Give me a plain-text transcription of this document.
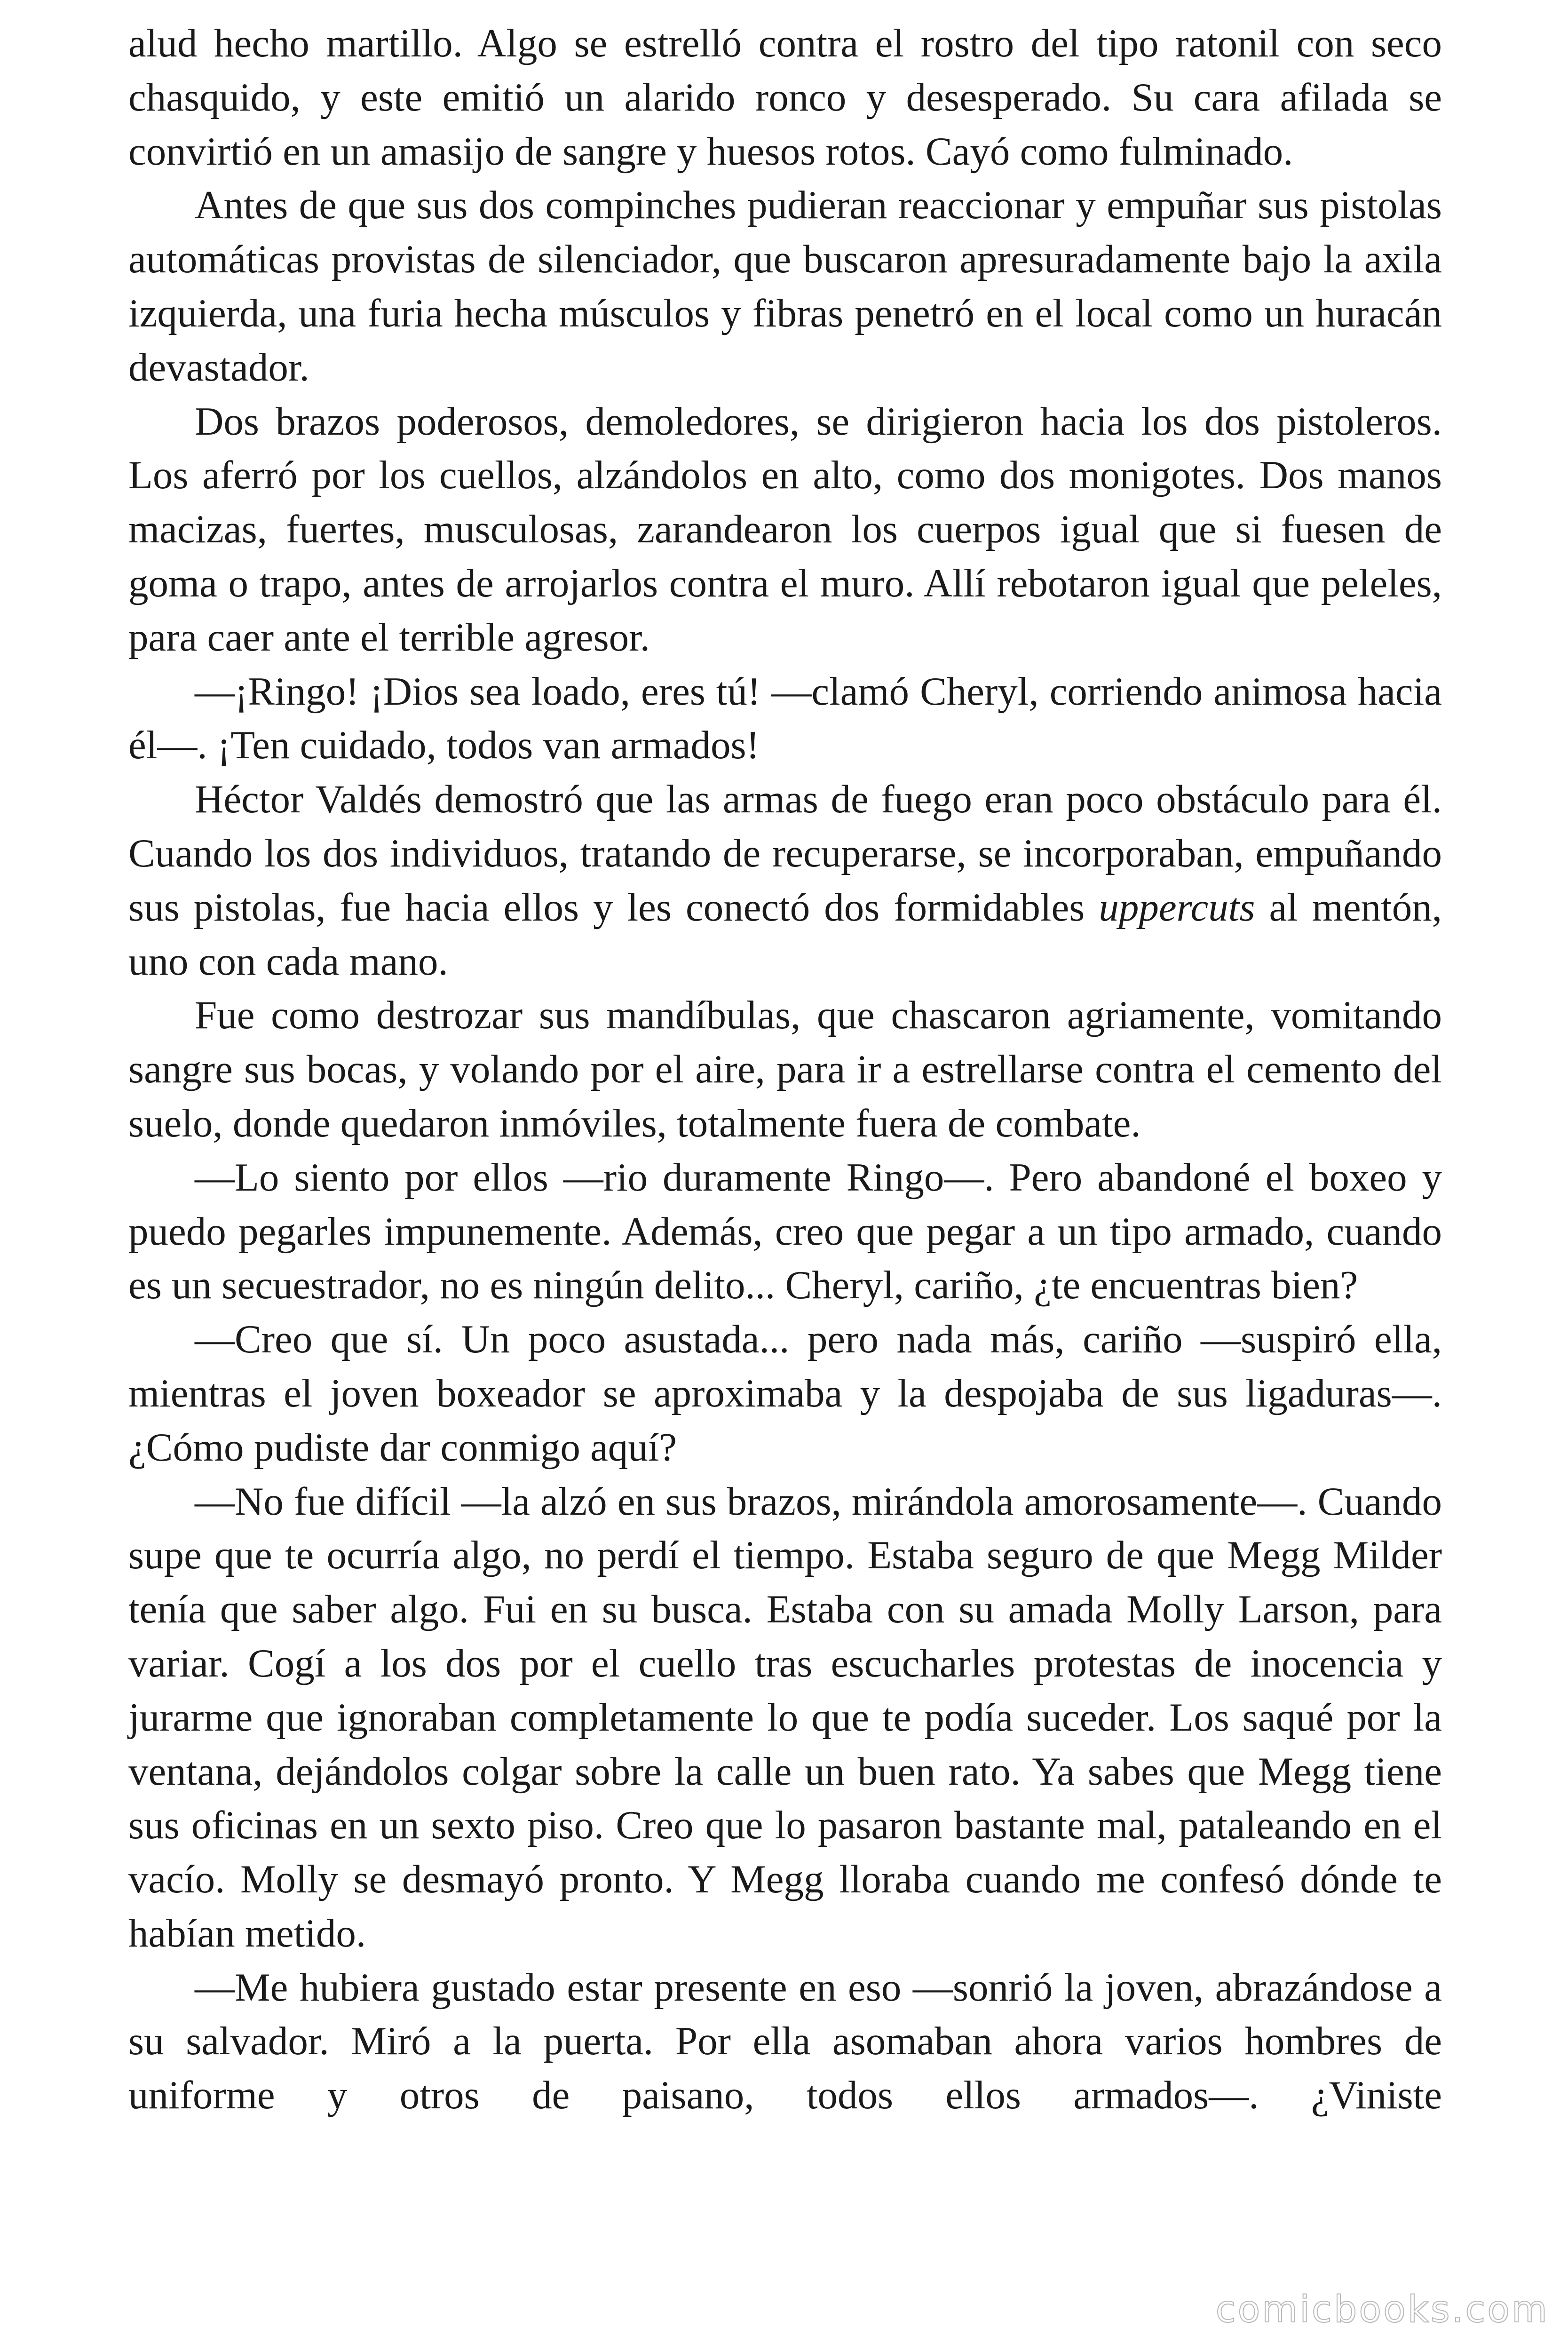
alud hecho martillo. Algo se estrelló contra el rostro del tipo ratonil con seco chasquido, y este emitió un alarido ronco y desesperado. Su cara afilada se convirtió en un amasijo de sangre y huesos rotos. Cayó como fulminado.

Antes de que sus dos compinches pudieran reaccionar y empuñar sus pistolas automáticas provistas de silenciador, que buscaron apresuradamente bajo la axila izquierda, una furia hecha músculos y fibras penetró en el local como un huracán devastador.

Dos brazos poderosos, demoledores, se dirigieron hacia los dos pistoleros. Los aferró por los cuellos, alzándolos en alto, como dos monigotes. Dos manos macizas, fuertes, musculosas, zarandearon los cuerpos igual que si fuesen de goma o trapo, antes de arrojarlos contra el muro. Allí rebotaron igual que peleles, para caer ante el terrible agresor.

—¡Ringo! ¡Dios sea loado, eres tú! —clamó Cheryl, corriendo animosa hacia él—. ¡Ten cuidado, todos van armados!

Héctor Valdés demostró que las armas de fuego eran poco obstáculo para él. Cuando los dos individuos, tratando de recuperarse, se incorporaban, empuñando sus pistolas, fue hacia ellos y les conectó dos formidables uppercuts al mentón, uno con cada mano.

Fue como destrozar sus mandíbulas, que chascaron agriamente, vomitando sangre sus bocas, y volando por el aire, para ir a estrellarse contra el cemento del suelo, donde quedaron inmóviles, totalmente fuera de combate.

—Lo siento por ellos —rio duramente Ringo—. Pero abandoné el boxeo y puedo pegarles impunemente. Además, creo que pegar a un tipo armado, cuando es un secuestrador, no es ningún delito... Cheryl, cariño, ¿te encuentras bien?

—Creo que sí. Un poco asustada... pero nada más, cariño —suspiró ella, mientras el joven boxeador se aproximaba y la despojaba de sus ligaduras—. ¿Cómo pudiste dar conmigo aquí?

—No fue difícil —la alzó en sus brazos, mirándola amorosamente—. Cuando supe que te ocurría algo, no perdí el tiempo. Estaba seguro de que Megg Milder tenía que saber algo. Fui en su busca. Estaba con su amada Molly Larson, para variar. Cogí a los dos por el cuello tras escucharles protestas de inocencia y jurarme que ignoraban completamente lo que te podía suceder. Los saqué por la ventana, dejándolos colgar sobre la calle un buen rato. Ya sabes que Megg tiene sus oficinas en un sexto piso. Creo que lo pasaron bastante mal, pataleando en el vacío. Molly se desmayó pronto. Y Megg lloraba cuando me confesó dónde te habían metido.

—Me hubiera gustado estar presente en eso —sonrió la joven, abrazándose a su salvador. Miró a la puerta. Por ella asomaban ahora varios hombres de uniforme y otros de paisano, todos ellos armados—. ¿Viniste

comicbooks.com
